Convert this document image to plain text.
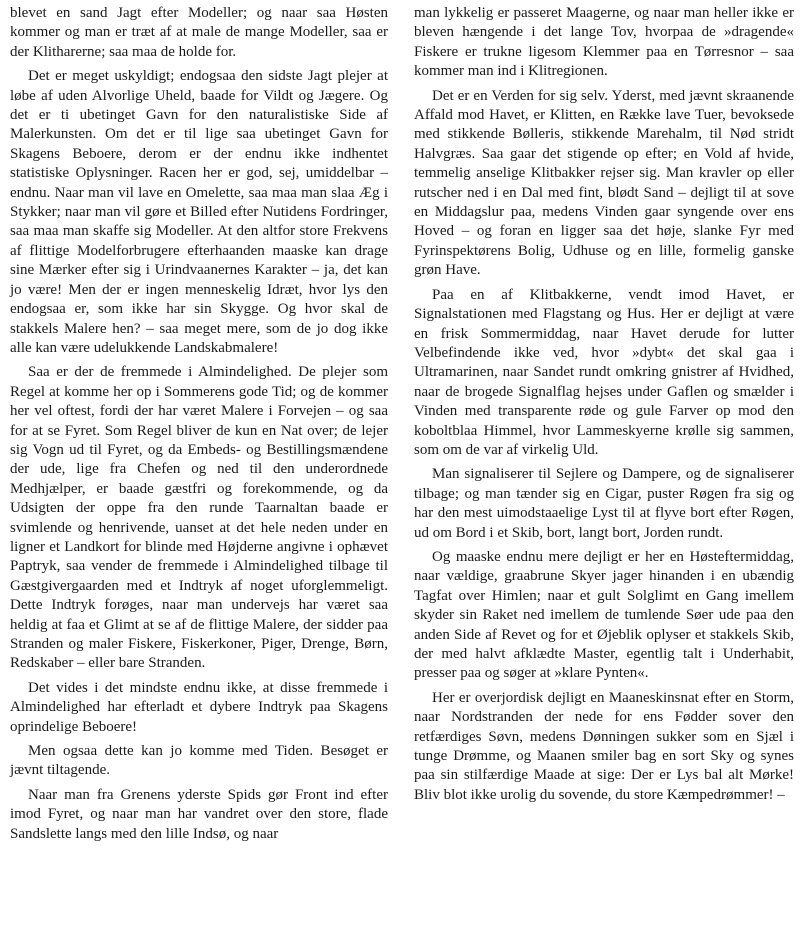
blevet en sand Jagt efter Modeller; og naar saa Høsten kommer og man er træt af at male de mange Modeller, saa er der Klitharerne; saa maa de holde for.

Det er meget uskyldigt; endogsaa den sidste Jagt plejer at løbe af uden Alvorlige Uheld, baade for Vildt og Jægere. Og det er ti ubetinget Gavn for den naturalistiske Side af Malerkunsten. Om det er til lige saa ubetinget Gavn for Skagens Beboere, derom er der endnu ikke indhentet statistiske Oplysninger. Racen her er god, sej, umiddelbar – endnu. Naar man vil lave en Omelette, saa maa man slaa Æg i Stykker; naar man vil gøre et Billed efter Nutidens Fordringer, saa maa man skaffe sig Modeller. At den altfor store Frekvens af flittige Modelforbrugere efterhaanden maaske kan drage sine Mærker efter sig i Urindvaanernes Karakter – ja, det kan jo være! Men der er ingen menneskelig Idræt, hvor lys den endogsaa er, som ikke har sin Skygge. Og hvor skal de stakkels Malere hen? – saa meget mere, som de jo dog ikke alle kan være udelukkende Landskabmalere!

Saa er der de fremmede i Almindelighed. De plejer som Regel at komme her op i Sommerens gode Tid; og de kommer her vel oftest, fordi der har været Malere i Forvejen – og saa for at se Fyret. Som Regel bliver de kun en Nat over; de lejer sig Vogn ud til Fyret, og da Embeds- og Bestillingsmændene der ude, lige fra Chefen og ned til den underordnede Medhjælper, er baade gæstfri og forekommende, og da Udsigten der oppe fra den runde Taarnaltan baade er svimlende og henrivende, uanset at det hele neden under en ligner et Landkort for blinde med Højderne angivne i ophævet Paptryk, saa vender de fremmede i Almindelighed tilbage til Gæstgivergaarden med et Indtryk af noget uforglemmeligt. Dette Indtryk forøges, naar man undervejs har været saa heldig at faa et Glimt at se af de flittige Malere, der sidder paa Stranden og maler Fiskere, Fiskerkoner, Piger, Drenge, Børn, Redskaber – eller bare Stranden.

Det vides i det mindste endnu ikke, at disse fremmede i Almindelighed har efterladt et dybere Indtryk paa Skagens oprindelige Beboere!

Men ogsaa dette kan jo komme med Tiden. Besøget er jævnt tiltagende.

Naar man fra Grenens yderste Spids gør Front ind efter imod Fyret, og naar man har vandret over den store, flade Sandslette langs med den lille Indsø, og naar

man lykkelig er passeret Maagerne, og naar man heller ikke er bleven hængende i det lange Tov, hvorpaa de »dragende« Fiskere er trukne ligesom Klemmer paa en Tørresnor – saa kommer man ind i Klitregionen.

Det er en Verden for sig selv. Yderst, med jævnt skraanende Affald mod Havet, er Klitten, en Række lave Tuer, bevoksede med stikkende Bølleris, stikkende Marehalm, til Nød stridt Halvgræs. Saa gaar det stigende op efter; en Vold af hvide, temmelig anselige Klitbakker rejser sig. Man kravler op eller rutscher ned i en Dal med fint, blødt Sand – dejligt til at sove en Middagslur paa, medens Vinden gaar syngende over ens Hoved – og foran en ligger saa det høje, slanke Fyr med Fyrinspektørens Bolig, Udhuse og en lille, formelig ganske grøn Have.

Paa en af Klitbakkerne, vendt imod Havet, er Signalstationen med Flagstang og Hus. Her er dejligt at være en frisk Sommermiddag, naar Havet derude for lutter Velbefindende ikke ved, hvor »dybt« det skal gaa i Ultramarinen, naar Sandet rundt omkring gnistrer af Hvidhed, naar de brogede Signalflag hejses under Gaflen og smælder i Vinden med transparente røde og gule Farver op mod den koboltblaa Himmel, hvor Lammeskyerne krølle sig sammen, som om de var af virkelig Uld.

Man signaliserer til Sejlere og Dampere, og de signaliserer tilbage; og man tænder sig en Cigar, puster Røgen fra sig og har den mest uimodstaaelige Lyst til at flyve bort efter Røgen, ud om Bord i et Skib, bort, langt bort, Jorden rundt.

Og maaske endnu mere dejligt er her en Høsteftermiddag, naar vældige, graabrune Skyer jager hinanden i en ubændig Tagfat over Himlen; naar et gult Solglimt en Gang imellem skyder sin Raket ned imellem de tumlende Søer ude paa den anden Side af Revet og for et Øjeblik oplyser et stakkels Skib, der med halvt afklædte Master, egentlig talt i Underhabit, presser paa og søger at »klare Pynten«.

Her er overjordisk dejligt en Maaneskinsnat efter en Storm, naar Nordstranden der nede for ens Fødder sover den retfærdiges Søvn, medens Dønningen sukker som en Sjæl i tunge Drømme, og Maanen smiler bag en sort Sky og synes paa sin stilfærdige Maade at sige: Der er Lys bal alt Mørke! Bliv blot ikke urolig du sovende, du store Kæmpedrømmer! –
